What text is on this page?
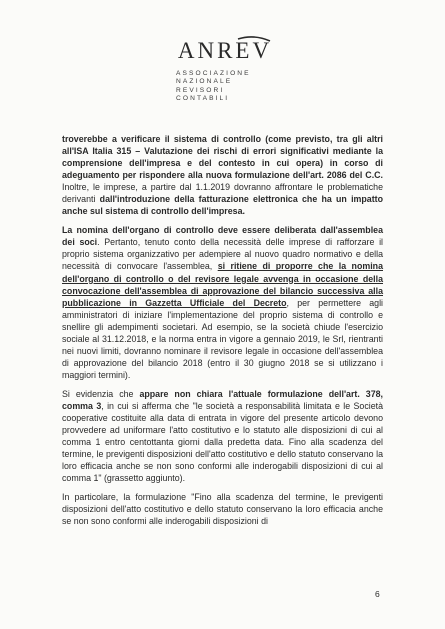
ANREV
ASSOCIAZIONE
NAZIONALE
REVISORI
CONTABILI

troverebbe a verificare il sistema di controllo (come previsto, tra gli altri all'ISA Italia 315 – Valutazione dei rischi di errori significativi mediante la comprensione dell'impresa e del contesto in cui opera) in corso di adeguamento per rispondere alla nuova formulazione dell'art. 2086 del C.C. Inoltre, le imprese, a partire dal 1.1.2019 dovranno affrontare le problematiche derivanti dall'introduzione della fatturazione elettronica che ha un impatto anche sul sistema di controllo dell'impresa.

La nomina dell'organo di controllo deve essere deliberata dall'assemblea dei soci. Pertanto, tenuto conto della necessità delle imprese di rafforzare il proprio sistema organizzativo per adempiere al nuovo quadro normativo e della necessità di convocare l'assemblea, si ritiene di proporre che la nomina dell'organo di controllo o del revisore legale avvenga in occasione della convocazione dell'assemblea di approvazione del bilancio successiva alla pubblicazione in Gazzetta Ufficiale del Decreto, per permettere agli amministratori di iniziare l'implementazione del proprio sistema di controllo e snellire gli adempimenti societari. Ad esempio, se la società chiude l'esercizio sociale al 31.12.2018, e la norma entra in vigore a gennaio 2019, le Srl, rientranti nei nuovi limiti, dovranno nominare il revisore legale in occasione dell'assemblea di approvazione del bilancio 2018 (entro il 30 giugno 2018 se si utilizzano i maggiori termini).

Si evidenzia che appare non chiara l'attuale formulazione dell'art. 378, comma 3, in cui si afferma che "le società a responsabilità limitata e le Società cooperative costituite alla data di entrata in vigore del presente articolo devono provvedere ad uniformare l'atto costitutivo e lo statuto alle disposizioni di cui al comma 1 entro centottanta giorni dalla predetta data. Fino alla scadenza del termine, le previgenti disposizioni dell'atto costitutivo e dello statuto conservano la loro efficacia anche se non sono conformi alle inderogabili disposizioni di cui al comma 1" (grassetto aggiunto).

In particolare, la formulazione "Fino alla scadenza del termine, le previgenti disposizioni dell'atto costitutivo e dello statuto conservano la loro efficacia anche se non sono conformi alle inderogabili disposizioni di

6
